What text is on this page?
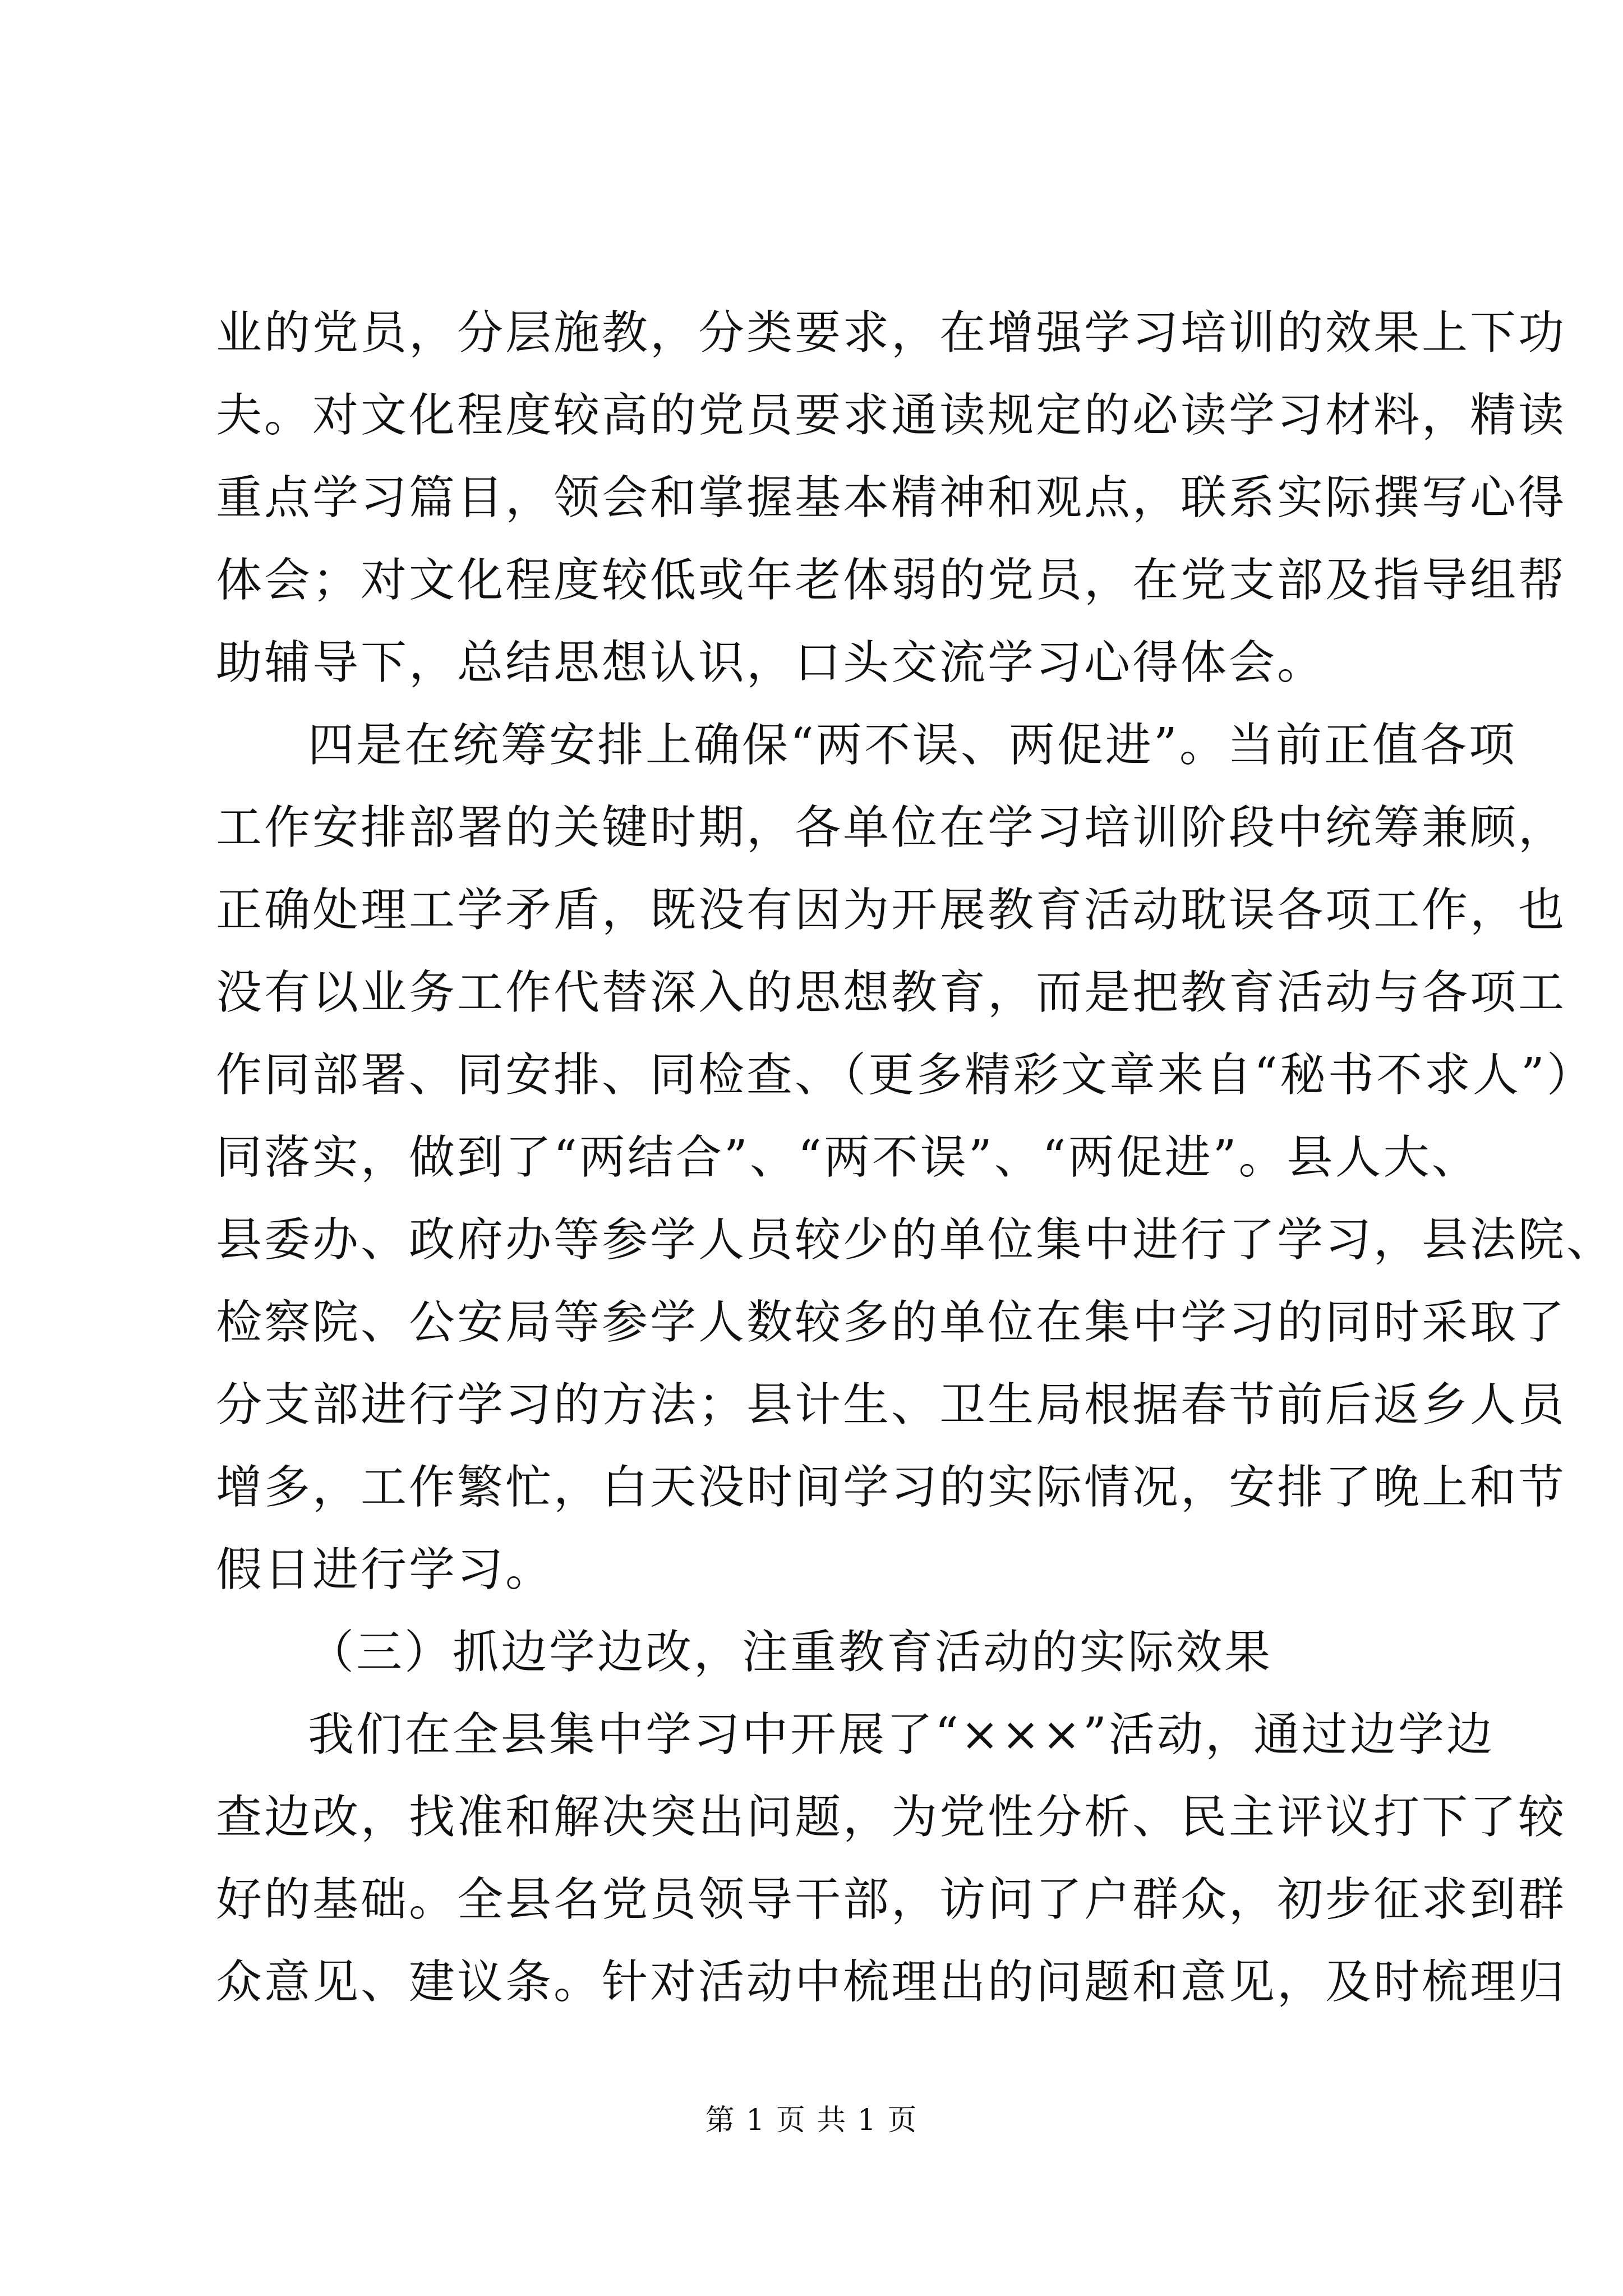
业的党员，分层施教，分类要求，在增强学习培训的效果上下功
夫。对文化程度较高的党员要求通读规定的必读学习材料，精读
重点学习篇目，领会和掌握基本精神和观点，联系实际撰写心得
体会；对文化程度较低或年老体弱的党员，在党支部及指导组帮
助辅导下，总结思想认识，口头交流学习心得体会。
四是在统筹安排上确保“两不误、两促进”。当前正值各项
工作安排部署的关键时期，各单位在学习培训阶段中统筹兼顾，
正确处理工学矛盾，既没有因为开展教育活动耽误各项工作，也
没有以业务工作代替深入的思想教育，而是把教育活动与各项工
作同部署、同安排、同检查、（更多精彩文章来自“秘书不求人”）
同落实，做到了“两结合”、“两不误”、“两促进”。县人大、
县委办、政府办等参学人员较少的单位集中进行了学习，县法院、
检察院、公安局等参学人数较多的单位在集中学习的同时采取了
分支部进行学习的方法；县计生、卫生局根据春节前后返乡人员
增多，工作繁忙，白天没时间学习的实际情况，安排了晚上和节
假日进行学习。
（三）抓边学边改，注重教育活动的实际效果
我们在全县集中学习中开展了“×××”活动，通过边学边
查边改，找准和解决突出问题，为党性分析、民主评议打下了较
好的基础。全县名党员领导干部，访问了户群众，初步征求到群
众意见、建议条。针对活动中梳理出的问题和意见，及时梳理归
第 1 页 共 1 页
